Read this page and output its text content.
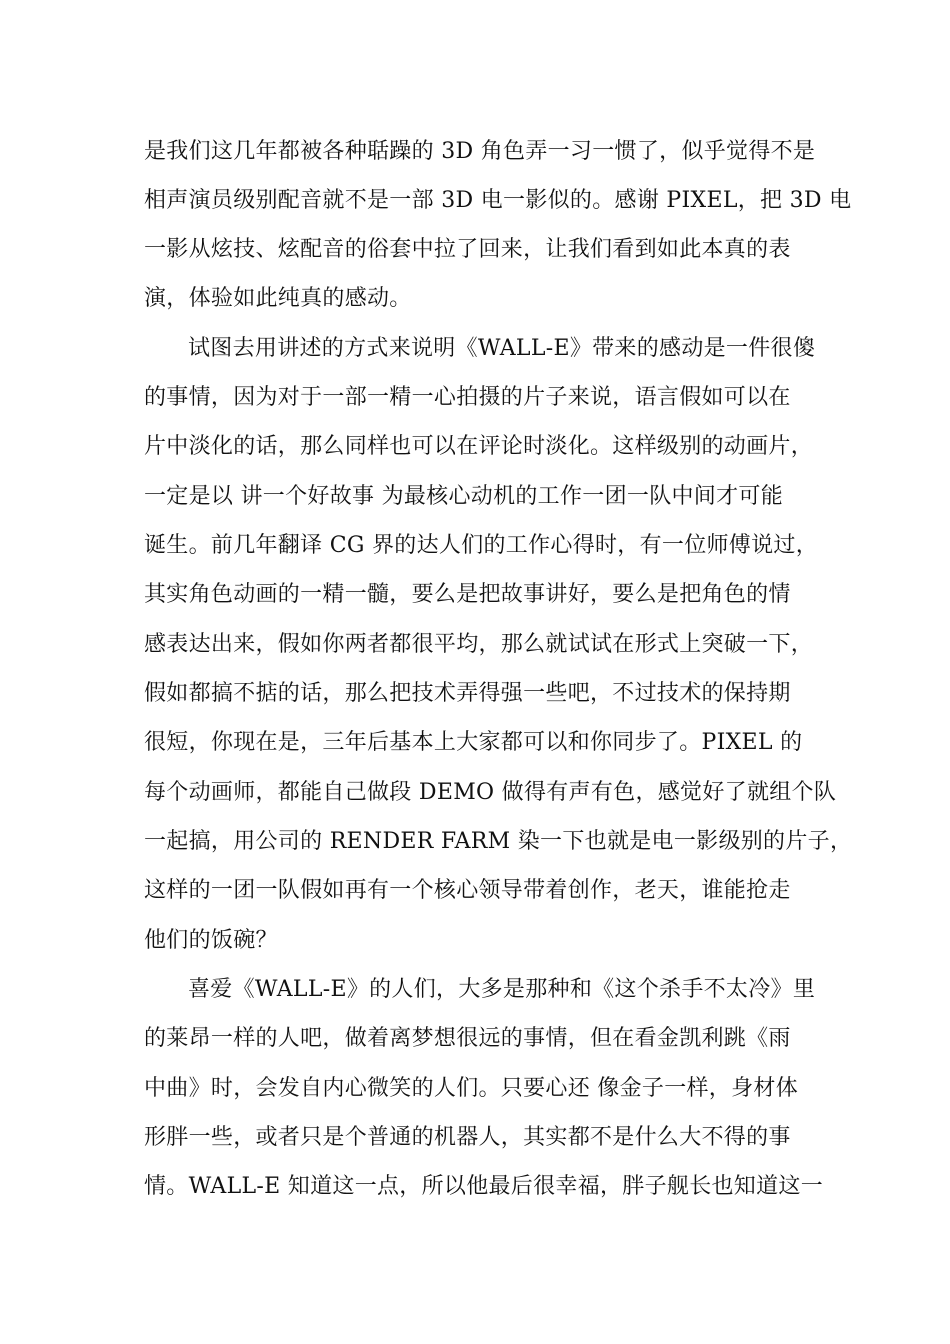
是我们这几年都被各种聒躁的 3D 角色弄一习一惯了，似乎觉得不是
相声演员级别配音就不是一部 3D 电一影似的。感谢 PIXEL，把 3D 电
一影从炫技、炫配音的俗套中拉了回来，让我们看到如此本真的表
演，体验如此纯真的感动。
试图去用讲述的方式来说明《WALL-E》带来的感动是一件很傻
的事情，因为对于一部一精一心拍摄的片子来说，语言假如可以在
片中淡化的话，那么同样也可以在评论时淡化。这样级别的动画片，
一定是以 讲一个好故事 为最核心动机的工作一团一队中间才可能
诞生。前几年翻译 CG 界的达人们的工作心得时，有一位师傅说过，
其实角色动画的一精一髓，要么是把故事讲好，要么是把角色的情
感表达出来，假如你两者都很平均，那么就试试在形式上突破一下，
假如都搞不掂的话，那么把技术弄得强一些吧，不过技术的保持期
很短，你现在是，三年后基本上大家都可以和你同步了。PIXEL 的
每个动画师，都能自己做段 DEMO 做得有声有色，感觉好了就组个队
一起搞，用公司的 RENDER FARM 染一下也就是电一影级别的片子，
这样的一团一队假如再有一个核心领导带着创作，老天，谁能抢走
他们的饭碗？
喜爱《WALL-E》的人们，大多是那种和《这个杀手不太冷》里
的莱昂一样的人吧，做着离梦想很远的事情，但在看金凯利跳《雨
中曲》时，会发自内心微笑的人们。只要心还 像金子一样，身材体
形胖一些，或者只是个普通的机器人，其实都不是什么大不得的事
情。WALL-E 知道这一点，所以他最后很幸福，胖子舰长也知道这一
